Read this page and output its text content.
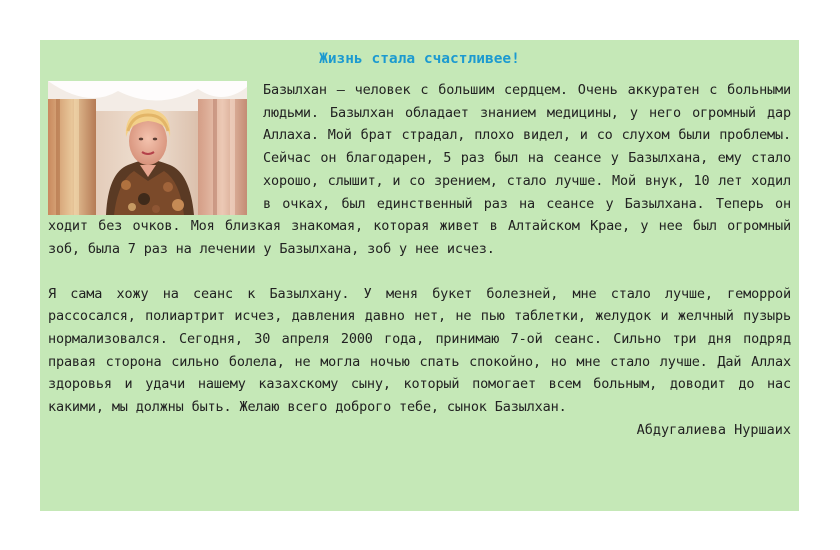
Жизнь стала счастливее!

Базылхан – человек с большим сердцем. Очень аккуратен с больными людьми. Базылхан обладает знанием медицины, у него огромный дар Аллаха. Мой брат страдал, плохо видел, и со слухом были проблемы. Сейчас он благодарен, 5 раз был на сеансе у Базылхана, ему стало хорошо, слышит, и со зрением, стало лучше. Мой внук, 10 лет ходил в очках, был единственный раз на сеансе у Базылхана. Теперь он ходит без очков. Моя близкая знакомая, которая живет в Алтайском Крае, у нее был огромный зоб, была 7 раз на лечении у Базылхана, зоб у нее исчез.

Я сама хожу на сеанс к Базылхану. У меня букет болезней, мне стало лучше, геморрой рассосался, полиартрит исчез, давления давно нет, не пью таблетки, желудок и желчный пузырь нормализовался. Сегодня, 30 апреля 2000 года, принимаю 7-ой сеанс. Сильно три дня подряд правая сторона сильно болела, не могла ночью спать спокойно, но мне стало лучше. Дай Аллах здоровья и удачи нашему казахскому сыну, который помогает всем больным, доводит до нас какими, мы должны быть. Желаю всего доброго тебе, сынок Базылхан.

Абдугалиева Нуршаих
